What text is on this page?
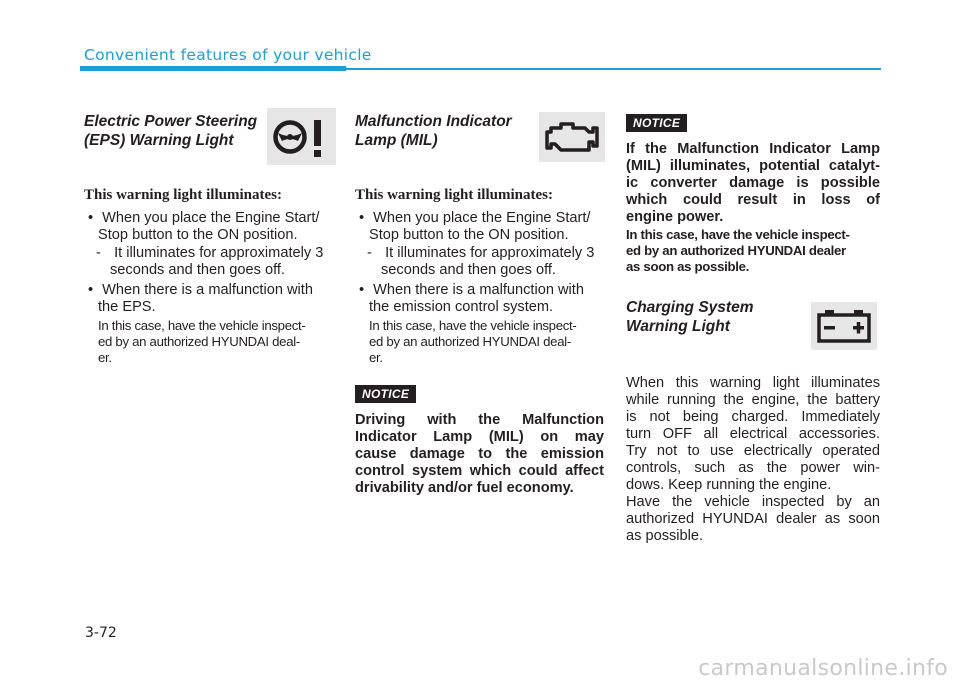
Convenient features of your vehicle
Electric Power Steering
(EPS) Warning Light
This warning light illuminates:
• When you place the Engine Start/
Stop button to the ON position.
- It illuminates for approximately 3
seconds and then goes off.
• When there is a malfunction with
the EPS.
In this case, have the vehicle inspect-
ed by an authorized HYUNDAI deal-
er.
Malfunction Indicator
Lamp (MIL)
This warning light illuminates:
• When you place the Engine Start/
Stop button to the ON position.
- It illuminates for approximately 3
seconds and then goes off.
• When there is a malfunction with
the emission control system.
In this case, have the vehicle inspect-
ed by an authorized HYUNDAI deal-
er.
NOTICE
Driving with the Malfunction
Indicator Lamp (MIL) on may
cause damage to the emission
control system which could affect
drivability and/or fuel economy.
NOTICE
If the Malfunction Indicator Lamp
(MIL) illuminates, potential catalyt-
ic converter damage is possible
which could result in loss of
engine power.
In this case, have the vehicle inspect-
ed by an authorized HYUNDAI dealer
as soon as possible.
Charging System
Warning Light
When this warning light illuminates
while running the engine, the battery
is not being charged. Immediately
turn OFF all electrical accessories.
Try not to use electrically operated
controls, such as the power win-
dows. Keep running the engine.
Have the vehicle inspected by an
authorized HYUNDAI dealer as soon
as possible.
3-72
carmanualsonline.info
